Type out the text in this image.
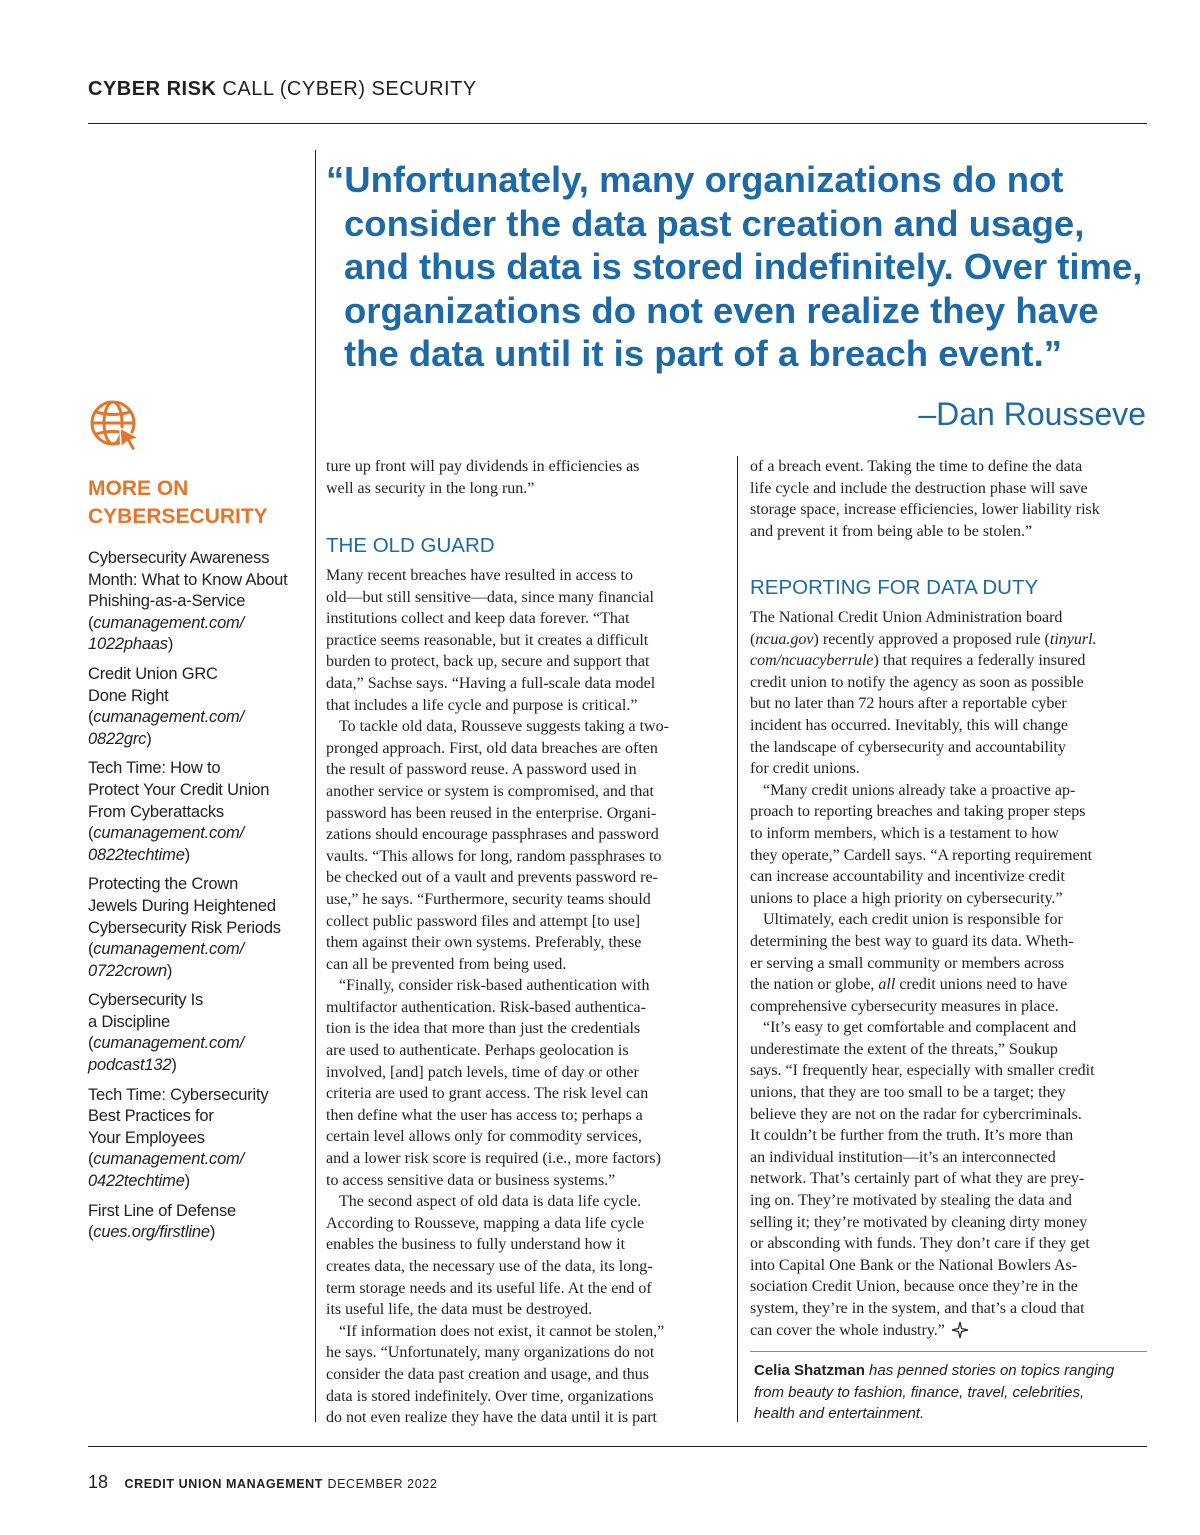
CYBER RISK CALL (CYBER) SECURITY
“Unfortunately, many organizations do not
consider the data past creation and usage,
and thus data is stored indefinitely. Over time,
organizations do not even realize they have
the data until it is part of a breach event.”
–Dan Rousseve
MORE ON
CYBERSECURITY
Cybersecurity Awareness
Month: What to Know About
Phishing-as-a-Service
(cumanagement.com/
1022phaas)
Credit Union GRC
Done Right
(cumanagement.com/
0822grc)
Tech Time: How to
Protect Your Credit Union
From Cyberattacks
(cumanagement.com/
0822techtime)
Protecting the Crown
Jewels During Heightened
Cybersecurity Risk Periods
(cumanagement.com/
0722crown)
Cybersecurity Is
a Discipline
(cumanagement.com/
podcast132)
Tech Time: Cybersecurity
Best Practices for
Your Employees
(cumanagement.com/
0422techtime)
First Line of Defense
(cues.org/firstline)
ture up front will pay dividends in efficiencies as
well as security in the long run.”
THE OLD GUARD
Many recent breaches have resulted in access to
old—but still sensitive—data, since many financial
institutions collect and keep data forever. “That
practice seems reasonable, but it creates a difficult
burden to protect, back up, secure and support that
data,” Sachse says. “Having a full-scale data model
that includes a life cycle and purpose is critical.”
To tackle old data, Rousseve suggests taking a two-
pronged approach. First, old data breaches are often
the result of password reuse. A password used in
another service or system is compromised, and that
password has been reused in the enterprise. Organi-
zations should encourage passphrases and password
vaults. “This allows for long, random passphrases to
be checked out of a vault and prevents password re-
use,” he says. “Furthermore, security teams should
collect public password files and attempt [to use]
them against their own systems. Preferably, these
can all be prevented from being used.
“Finally, consider risk-based authentication with
multifactor authentication. Risk-based authentica-
tion is the idea that more than just the credentials
are used to authenticate. Perhaps geolocation is
involved, [and] patch levels, time of day or other
criteria are used to grant access. The risk level can
then define what the user has access to; perhaps a
certain level allows only for commodity services,
and a lower risk score is required (i.e., more factors)
to access sensitive data or business systems.”
The second aspect of old data is data life cycle.
According to Rousseve, mapping a data life cycle
enables the business to fully understand how it
creates data, the necessary use of the data, its long-
term storage needs and its useful life. At the end of
its useful life, the data must be destroyed.
“If information does not exist, it cannot be stolen,”
he says. “Unfortunately, many organizations do not
consider the data past creation and usage, and thus
data is stored indefinitely. Over time, organizations
do not even realize they have the data until it is part
of a breach event. Taking the time to define the data
life cycle and include the destruction phase will save
storage space, increase efficiencies, lower liability risk
and prevent it from being able to be stolen.”
REPORTING FOR DATA DUTY
The National Credit Union Administration board
(ncua.gov) recently approved a proposed rule (tinyurl.
com/ncuacyberrule) that requires a federally insured
credit union to notify the agency as soon as possible
but no later than 72 hours after a reportable cyber
incident has occurred. Inevitably, this will change
the landscape of cybersecurity and accountability
for credit unions.
“Many credit unions already take a proactive ap-
proach to reporting breaches and taking proper steps
to inform members, which is a testament to how
they operate,” Cardell says. “A reporting requirement
can increase accountability and incentivize credit
unions to place a high priority on cybersecurity.”
Ultimately, each credit union is responsible for
determining the best way to guard its data. Wheth-
er serving a small community or members across
the nation or globe, all credit unions need to have
comprehensive cybersecurity measures in place.
“It’s easy to get comfortable and complacent and
underestimate the extent of the threats,” Soukup
says. “I frequently hear, especially with smaller credit
unions, that they are too small to be a target; they
believe they are not on the radar for cybercriminals.
It couldn’t be further from the truth. It’s more than
an individual institution—it’s an interconnected
network. That’s certainly part of what they are prey-
ing on. They’re motivated by stealing the data and
selling it; they’re motivated by cleaning dirty money
or absconding with funds. They don’t care if they get
into Capital One Bank or the National Bowlers As-
sociation Credit Union, because once they’re in the
system, they’re in the system, and that’s a cloud that
can cover the whole industry.”
Celia Shatzman has penned stories on topics ranging
from beauty to fashion, finance, travel, celebrities,
health and entertainment.
18 CREDIT UNION MANAGEMENT DECEMBER 2022
